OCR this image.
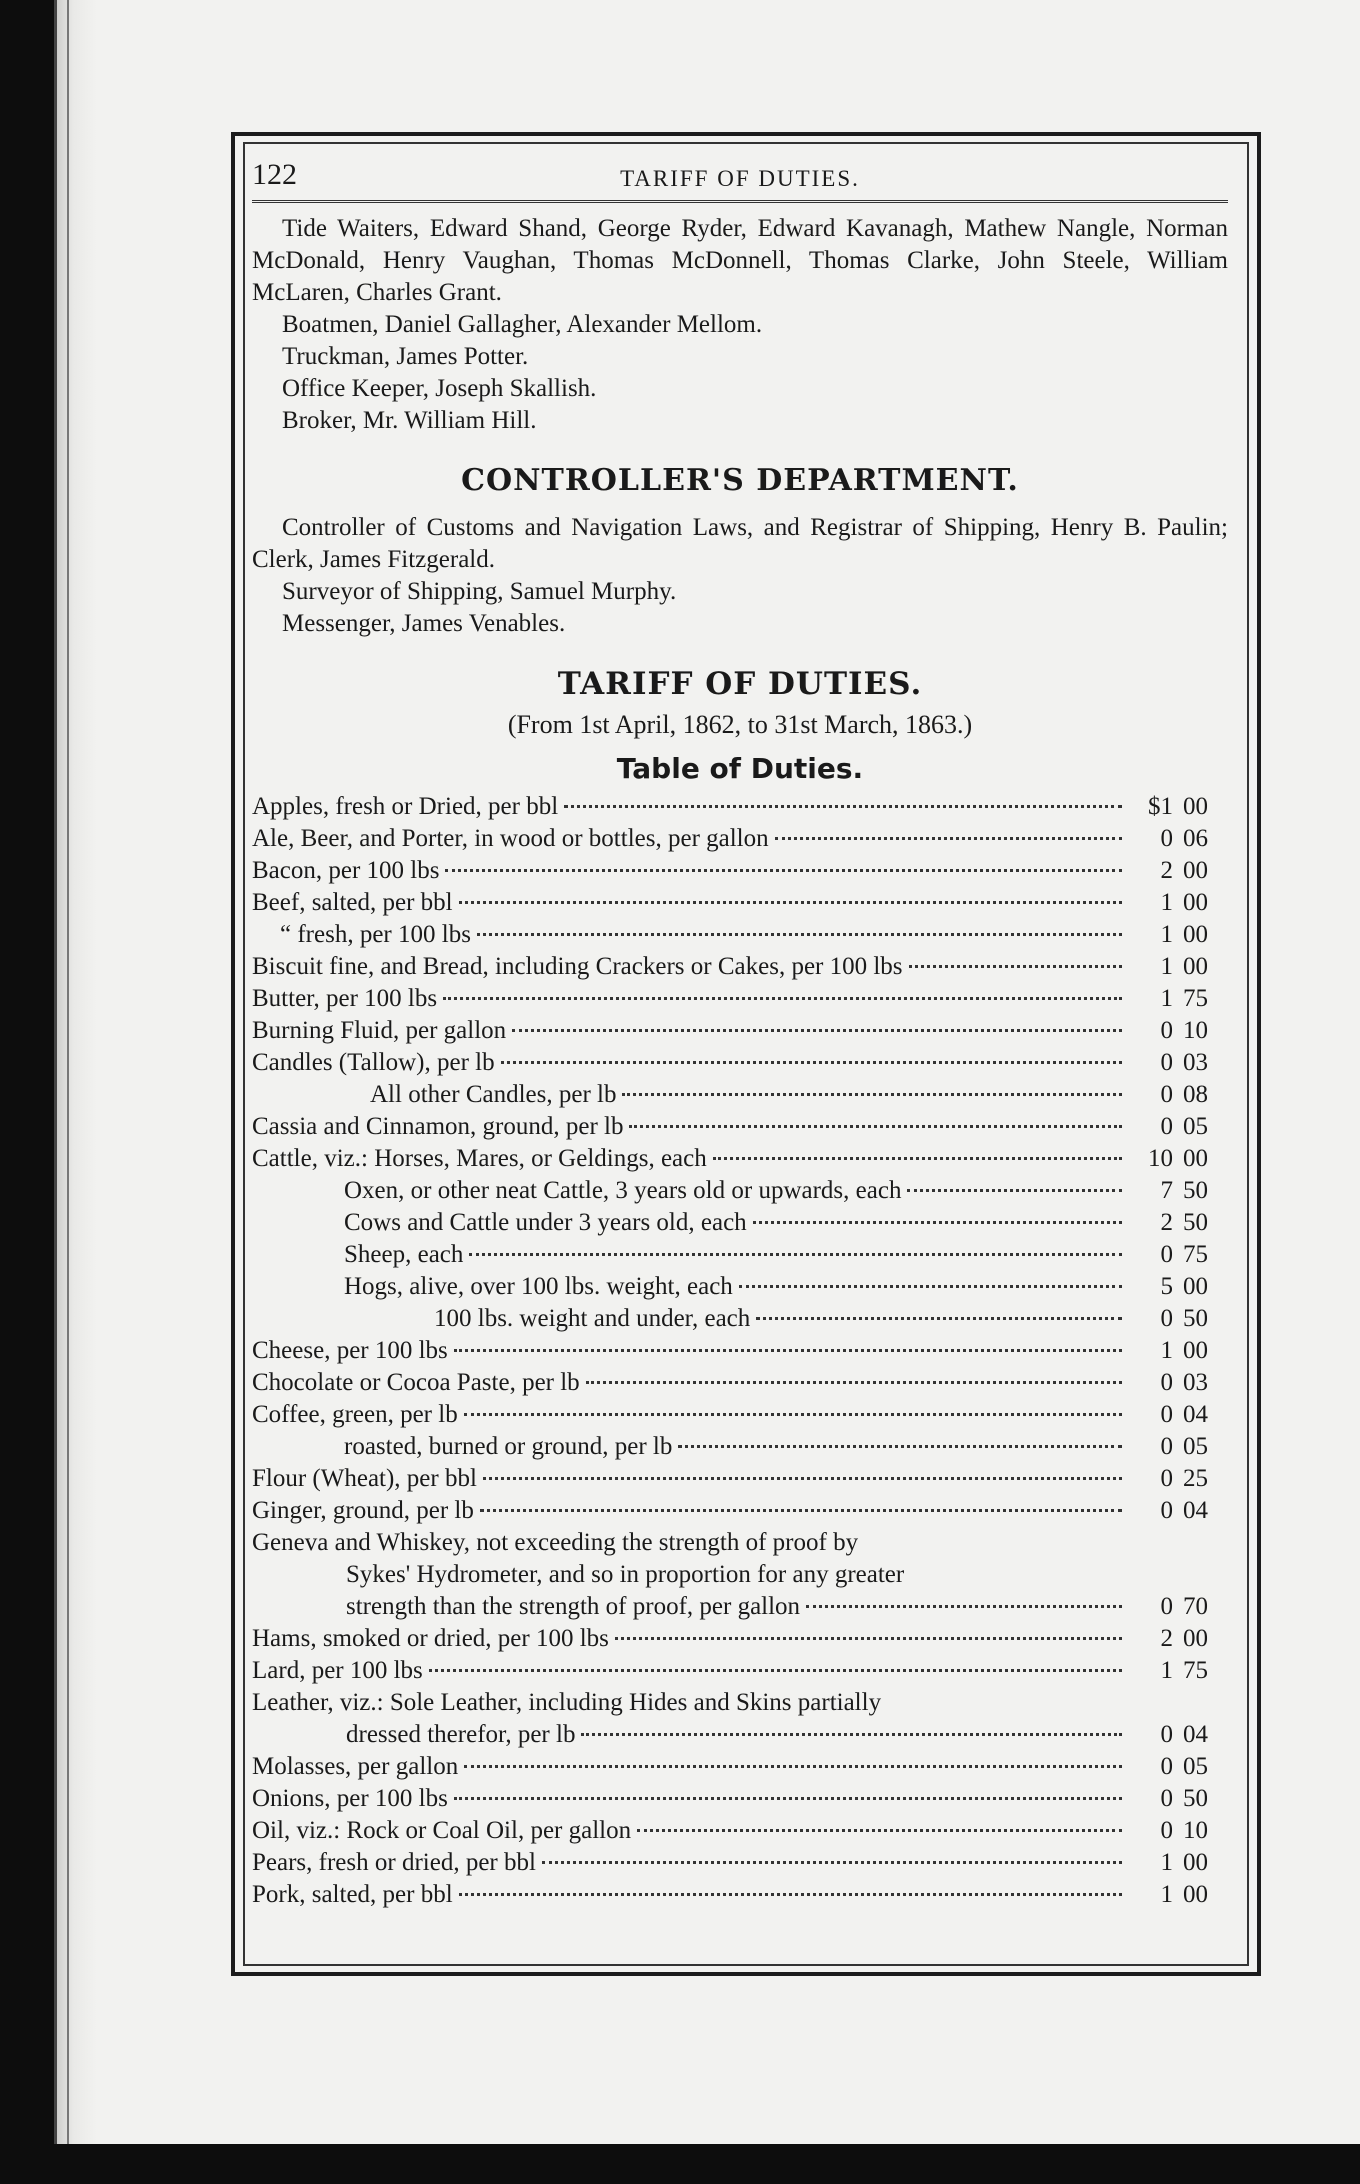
122	TARIFF OF DUTIES.

Tide Waiters, Edward Shand, George Ryder, Edward Kavanagh, Mathew Nangle, Norman McDonald, Henry Vaughan, Thomas McDonnell, Thomas Clarke, John Steele, William McLaren, Charles Grant.

Boatmen, Daniel Gallagher, Alexander Mellom.

Truckman, James Potter.

Office Keeper, Joseph Skallish.

Broker, Mr. William Hill.

CONTROLLER'S DEPARTMENT.

Controller of Customs and Navigation Laws, and Registrar of Shipping, Henry B. Paulin; Clerk, James Fitzgerald.

Surveyor of Shipping, Samuel Murphy.

Messenger, James Venables.

TARIFF OF DUTIES.
(From 1st April, 1862, to 31st March, 1863.)
Table of Duties.
Apples, fresh or Dried, per bbl	$1 00
Ale, Beer, and Porter, in wood or bottles, per gallon	0 06
Bacon, per 100 lbs	2 00
Beef, salted, per bbl	1 00
“ fresh, per 100 lbs	1 00
Biscuit fine, and Bread, including Crackers or Cakes, per 100 lbs	1 00
Butter, per 100 lbs	1 75
Burning Fluid, per gallon	0 10
Candles (Tallow), per lb	0 03
All other Candles, per lb	0 08
Cassia and Cinnamon, ground, per lb	0 05
Cattle, viz.: Horses, Mares, or Geldings, each	10 00
Oxen, or other neat Cattle, 3 years old or upwards, each	7 50
Cows and Cattle under 3 years old, each	2 50
Sheep, each	0 75
Hogs, alive, over 100 lbs. weight, each	5 00
100 lbs. weight and under, each	0 50
Cheese, per 100 lbs	1 00
Chocolate or Cocoa Paste, per lb	0 03
Coffee, green, per lb	0 04
roasted, burned or ground, per lb	0 05
Flour (Wheat), per bbl	0 25
Ginger, ground, per lb	0 04
Geneva and Whiskey, not exceeding the strength of proof by
Sykes' Hydrometer, and so in proportion for any greater
strength than the strength of proof, per gallon	0 70
Hams, smoked or dried, per 100 lbs	2 00
Lard, per 100 lbs	1 75
Leather, viz.: Sole Leather, including Hides and Skins partially
dressed therefor, per lb	0 04
Molasses, per gallon	0 05
Onions, per 100 lbs	0 50
Oil, viz.: Rock or Coal Oil, per gallon	0 10
Pears, fresh or dried, per bbl	1 00
Pork, salted, per bbl	1 00
